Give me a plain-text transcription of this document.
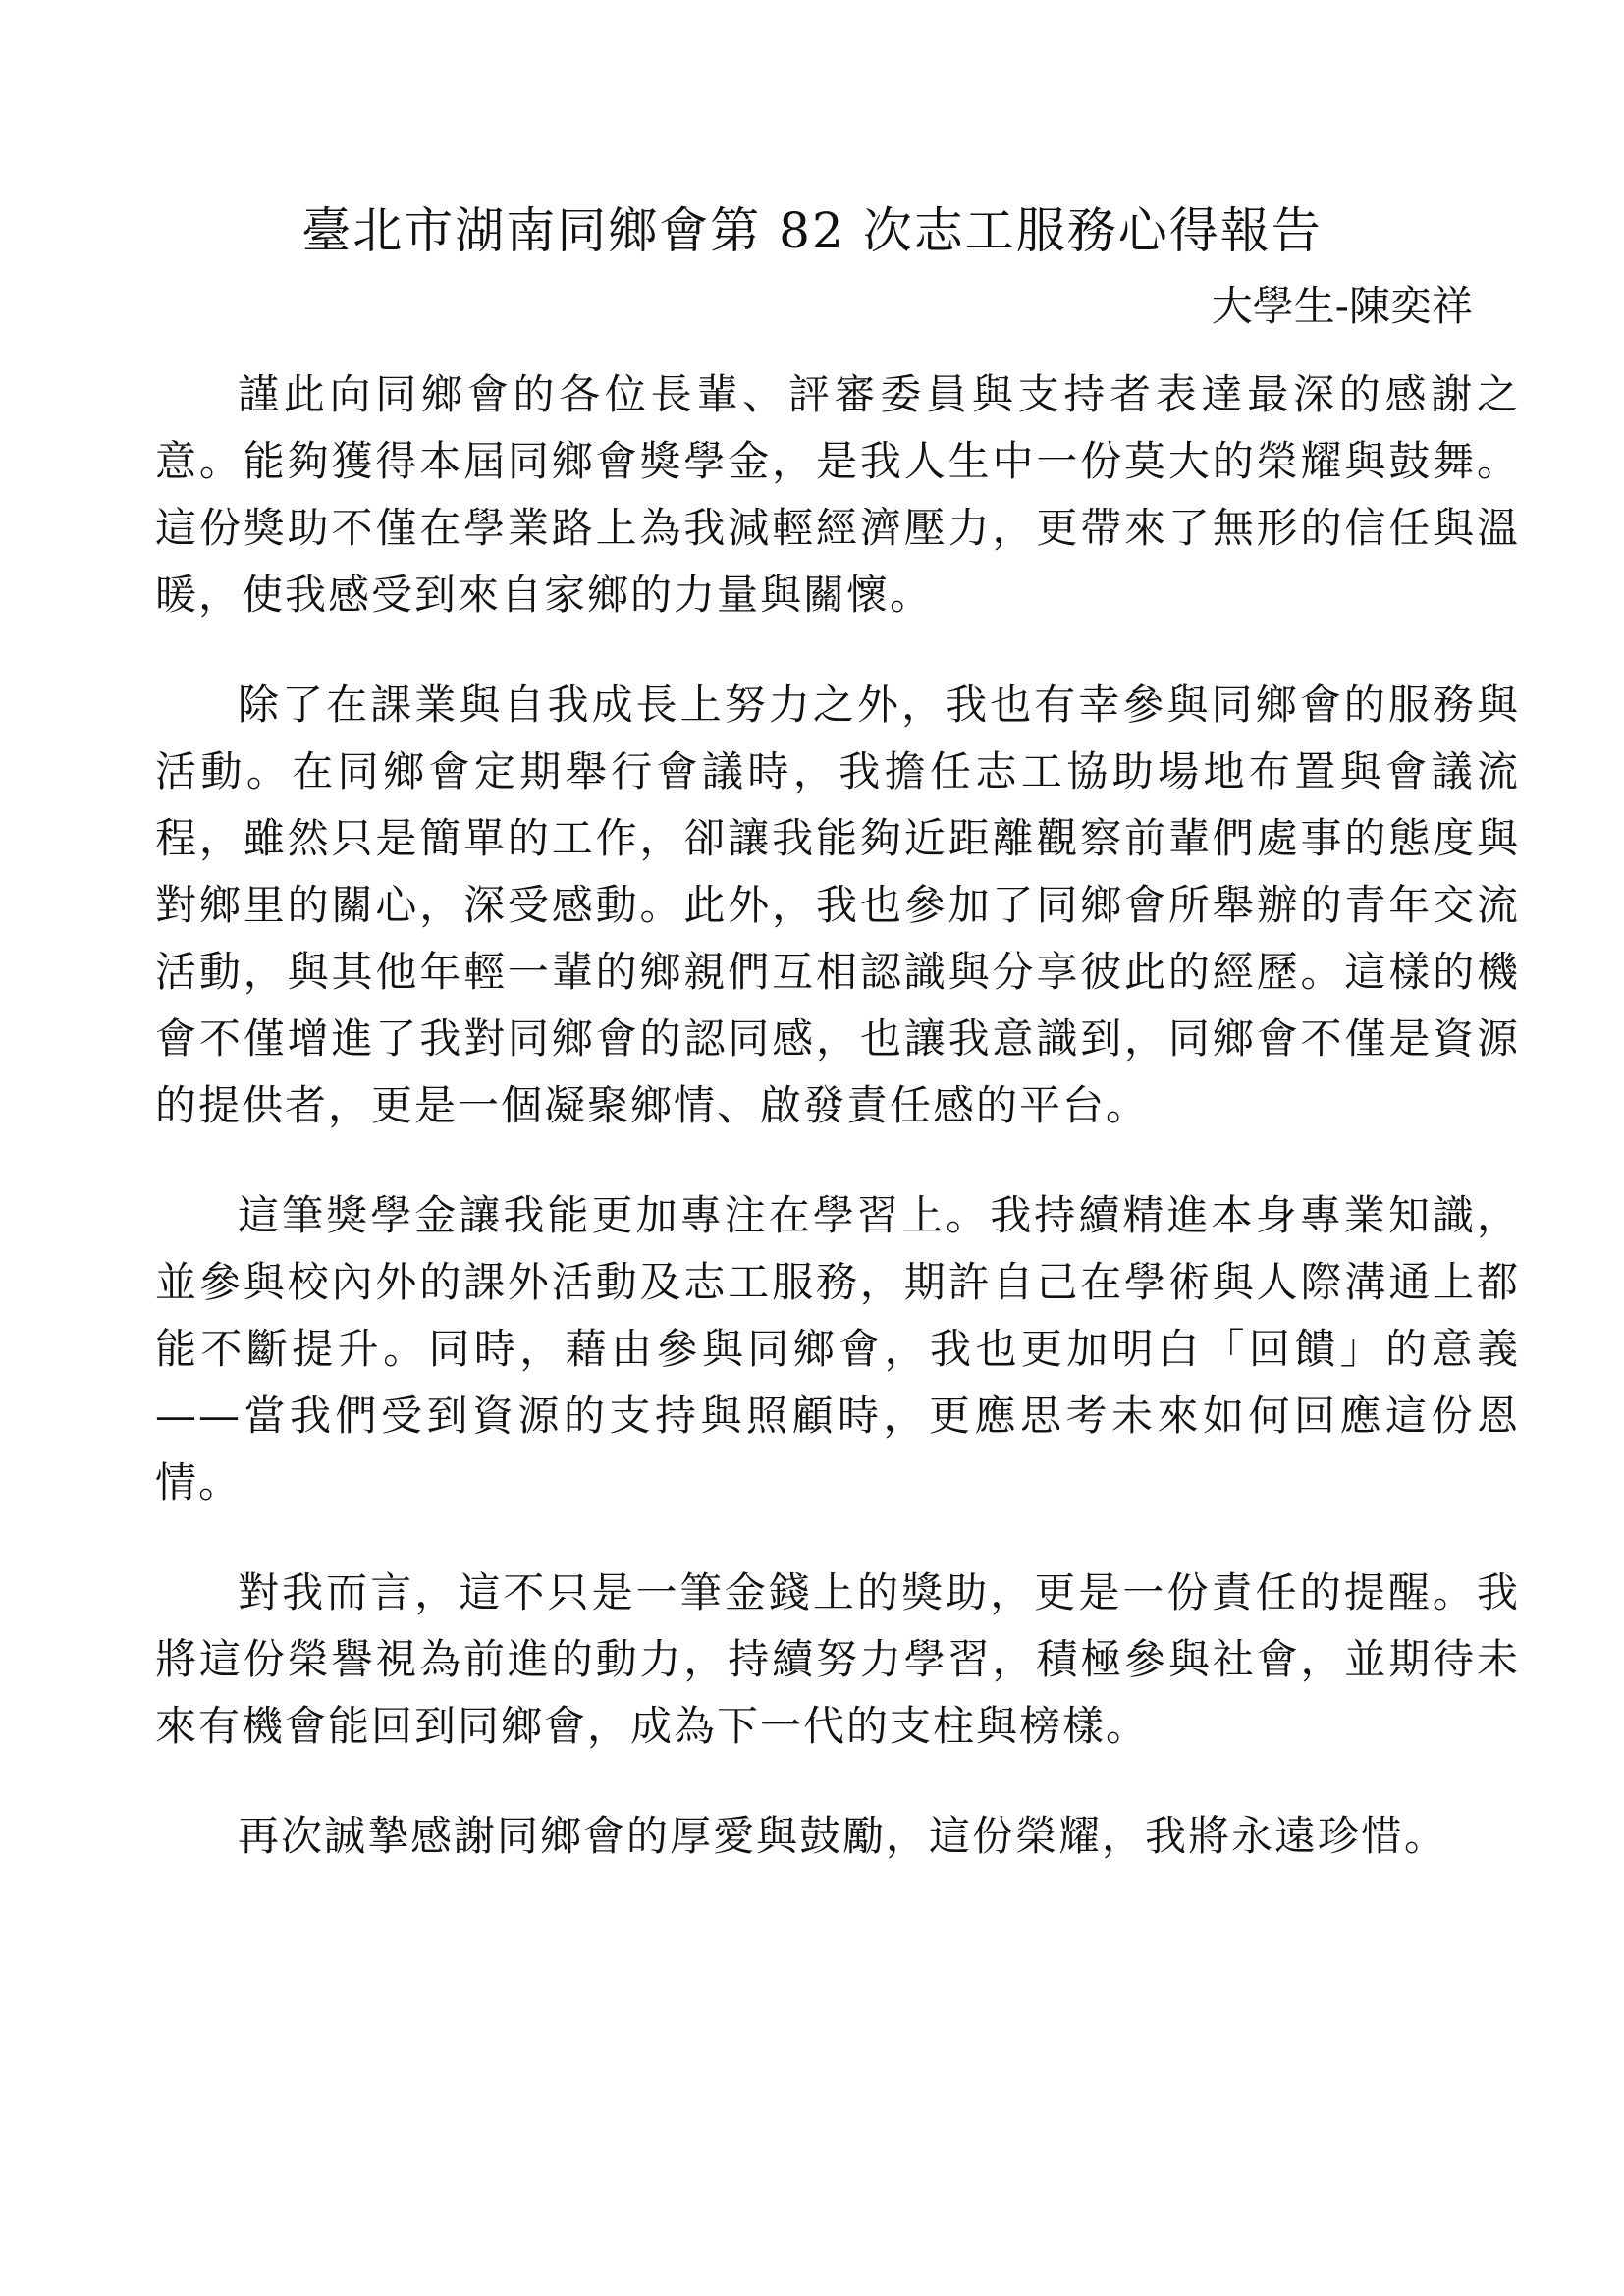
臺北市湖南同鄉會第 82 次志工服務心得報告

大學生-陳奕祥

謹此向同鄉會的各位長輩、評審委員與支持者表達最深的感謝之意。能夠獲得本屆同鄉會獎學金，是我人生中一份莫大的榮耀與鼓舞。這份獎助不僅在學業路上為我減輕經濟壓力，更帶來了無形的信任與溫暖，使我感受到來自家鄉的力量與關懷。

除了在課業與自我成長上努力之外，我也有幸參與同鄉會的服務與活動。在同鄉會定期舉行會議時，我擔任志工協助場地布置與會議流程，雖然只是簡單的工作，卻讓我能夠近距離觀察前輩們處事的態度與對鄉里的關心，深受感動。此外，我也參加了同鄉會所舉辦的青年交流活動，與其他年輕一輩的鄉親們互相認識與分享彼此的經歷。這樣的機會不僅增進了我對同鄉會的認同感，也讓我意識到，同鄉會不僅是資源的提供者，更是一個凝聚鄉情、啟發責任感的平台。

這筆獎學金讓我能更加專注在學習上。我持續精進本身專業知識，並參與校內外的課外活動及志工服務，期許自己在學術與人際溝通上都能不斷提升。同時，藉由參與同鄉會，我也更加明白「回饋」的意義——當我們受到資源的支持與照顧時，更應思考未來如何回應這份恩情。

對我而言，這不只是一筆金錢上的獎助，更是一份責任的提醒。我將這份榮譽視為前進的動力，持續努力學習，積極參與社會，並期待未來有機會能回到同鄉會，成為下一代的支柱與榜樣。

再次誠摯感謝同鄉會的厚愛與鼓勵，這份榮耀，我將永遠珍惜。
